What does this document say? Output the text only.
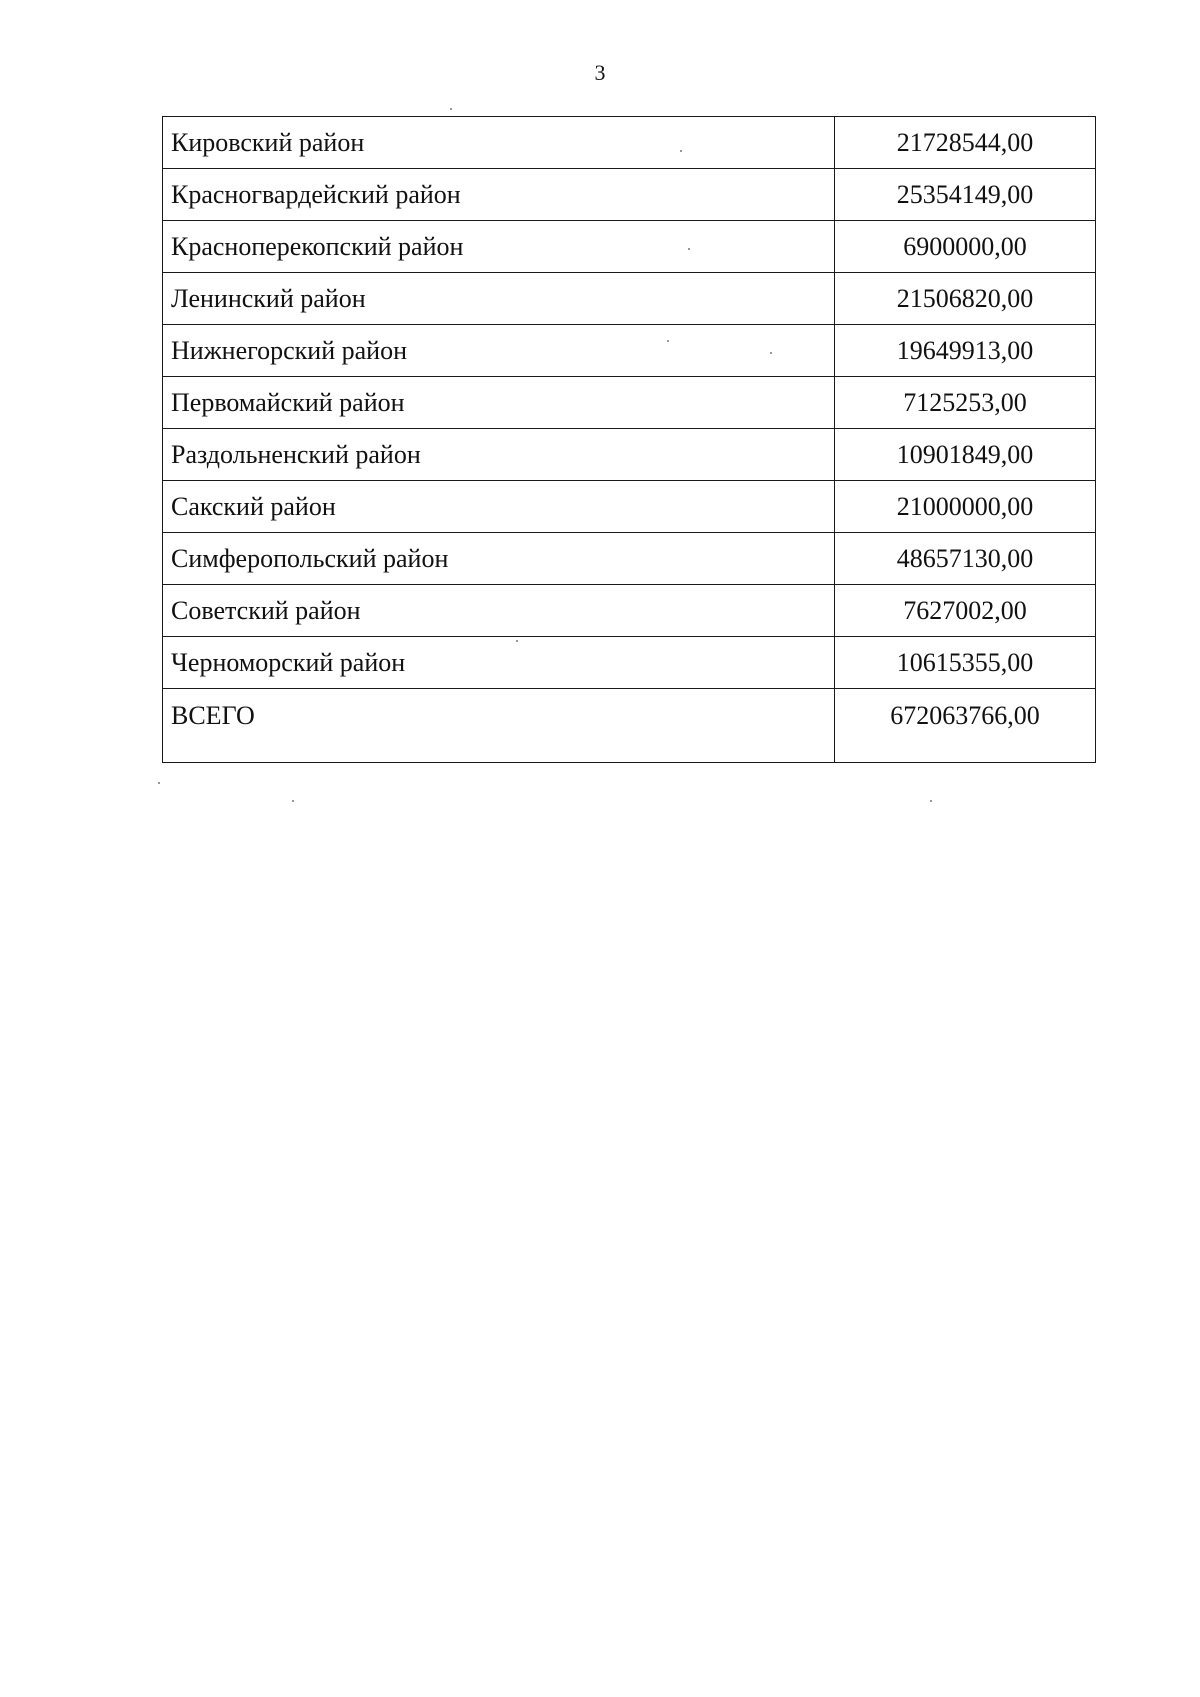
3
Кировский район	21728544,00
Красногвардейский район	25354149,00
Красноперекопский район	6900000,00
Ленинский район	21506820,00
Нижнегорский район	19649913,00
Первомайский район	7125253,00
Раздольненский район	10901849,00
Сакский район	21000000,00
Симферопольский район	48657130,00
Советский район	7627002,00
Черноморский район	10615355,00
ВСЕГО	672063766,00
